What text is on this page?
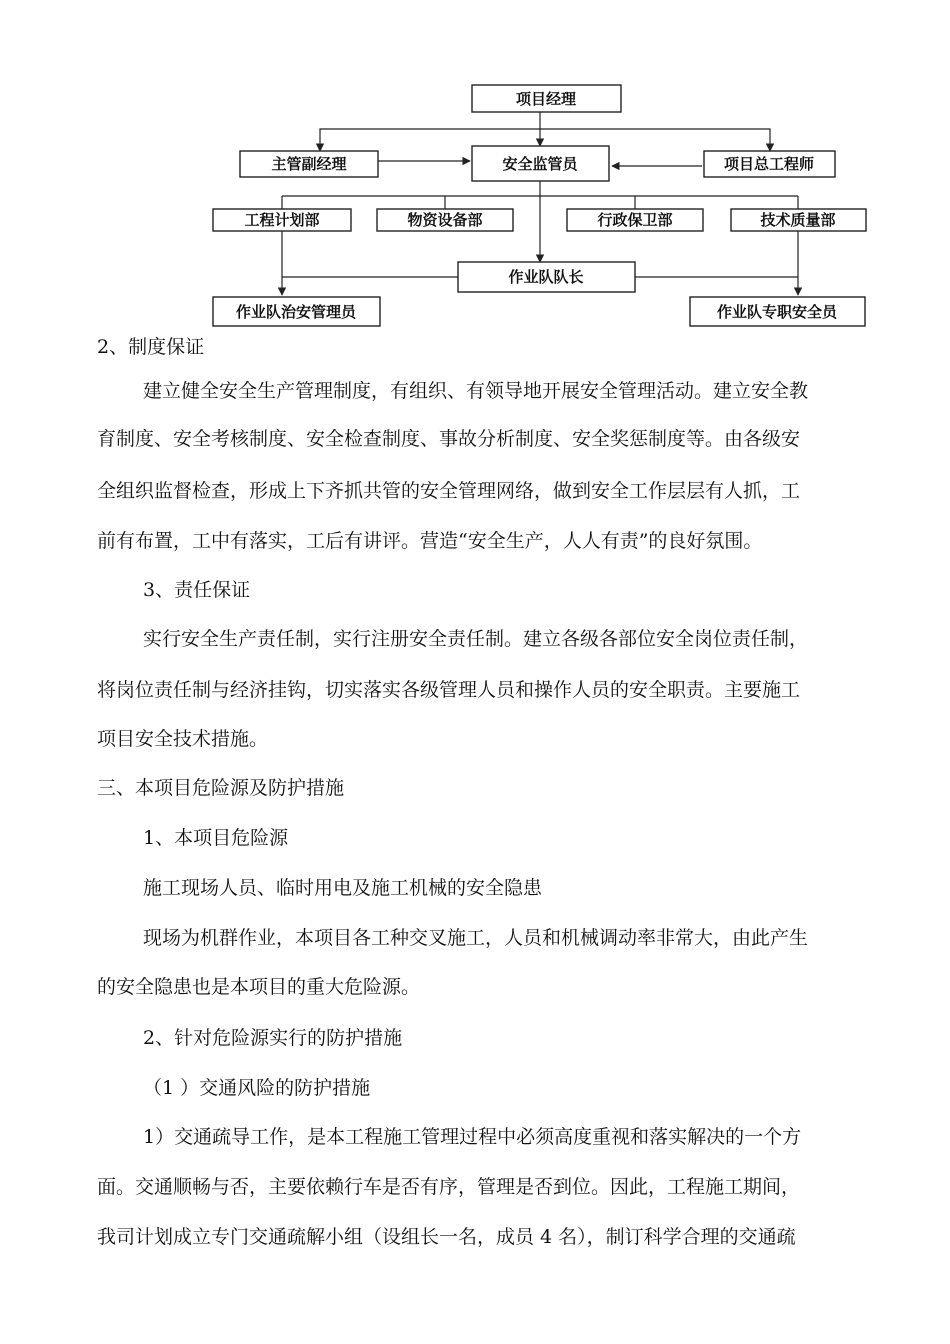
项目经理
主管副经理	安全监管员	项目总工程师
工程计划部	物资设备部	行政保卫部	技术质量部
作业队队长
作业队治安管理员	作业队专职安全员
2、制度保证
建立健全安全生产管理制度，有组织、有领导地开展安全管理活动。建立安全教
育制度、安全考核制度、安全检查制度、事故分析制度、安全奖惩制度等。由各级安
全组织监督检查，形成上下齐抓共管的安全管理网络，做到安全工作层层有人抓，工
前有布置，工中有落实，工后有讲评。营造“安全生产，人人有责”的良好氛围。
3、责任保证
实行安全生产责任制，实行注册安全责任制。建立各级各部位安全岗位责任制，
将岗位责任制与经济挂钩，切实落实各级管理人员和操作人员的安全职责。主要施工
项目安全技术措施。
三、本项目危险源及防护措施
1、本项目危险源
施工现场人员、临时用电及施工机械的安全隐患
现场为机群作业，本项目各工种交叉施工，人员和机械调动率非常大，由此产生
的安全隐患也是本项目的重大危险源。
2、针对危险源实行的防护措施
（1 ）交通风险的防护措施
1）交通疏导工作，是本工程施工管理过程中必须高度重视和落实解决的一个方
面。交通顺畅与否，主要依赖行车是否有序，管理是否到位。因此，工程施工期间，
我司计划成立专门交通疏解小组（设组长一名，成员 4 名），制订科学合理的交通疏
